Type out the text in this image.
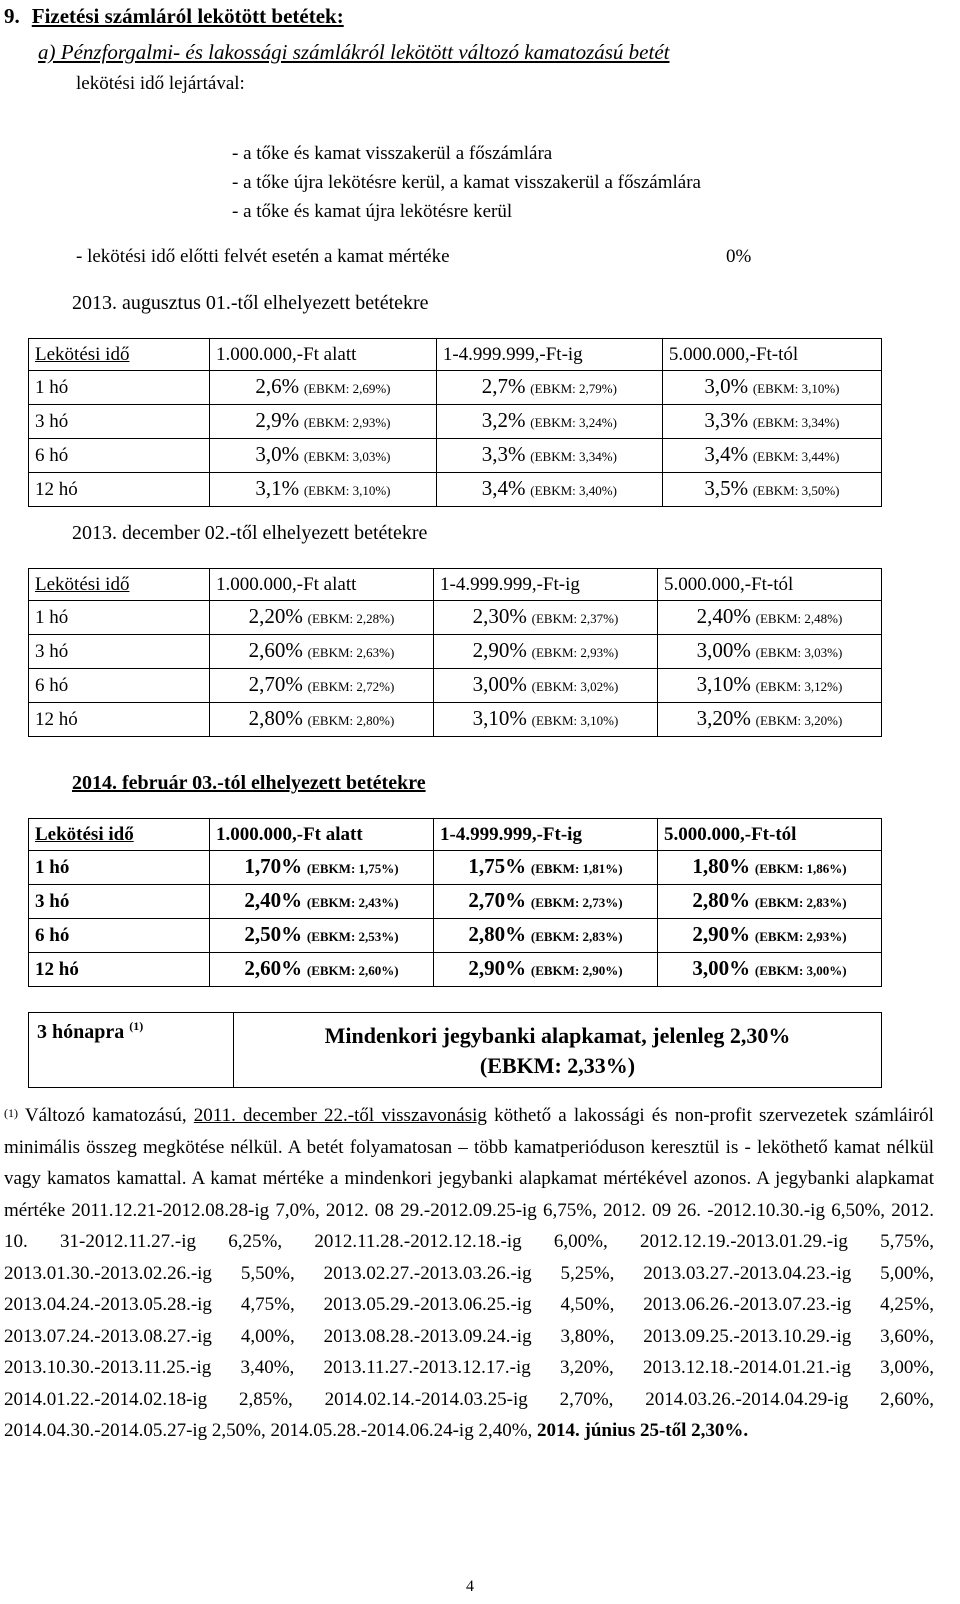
9. Fizetési számláról lekötött betétek:
a) Pénzforgalmi- és lakossági számlákról lekötött változó kamatozású betét
lekötési idő lejártával:
- a tőke és kamat visszakerül a főszámlára
- a tőke újra lekötésre kerül, a kamat visszakerül a főszámlára
- a tőke és kamat újra lekötésre kerül
- lekötési idő előtti felvét esetén a kamat mértéke	0%
2013. augusztus 01.-től elhelyezett betétekre
Lekötési idő	1.000.000,-Ft alatt	1-4.999.999,-Ft-ig	5.000.000,-Ft-tól
1 hó	2,6% (EBKM: 2,69%)	2,7% (EBKM: 2,79%)	3,0% (EBKM: 3,10%)
3 hó	2,9% (EBKM: 2,93%)	3,2% (EBKM: 3,24%)	3,3% (EBKM: 3,34%)
6 hó	3,0% (EBKM: 3,03%)	3,3% (EBKM: 3,34%)	3,4% (EBKM: 3,44%)
12 hó	3,1% (EBKM: 3,10%)	3,4% (EBKM: 3,40%)	3,5% (EBKM: 3,50%)
2013. december 02.-től elhelyezett betétekre
Lekötési idő	1.000.000,-Ft alatt	1-4.999.999,-Ft-ig	5.000.000,-Ft-tól
1 hó	2,20% (EBKM: 2,28%)	2,30% (EBKM: 2,37%)	2,40% (EBKM: 2,48%)
3 hó	2,60% (EBKM: 2,63%)	2,90% (EBKM: 2,93%)	3,00% (EBKM: 3,03%)
6 hó	2,70% (EBKM: 2,72%)	3,00% (EBKM: 3,02%)	3,10% (EBKM: 3,12%)
12 hó	2,80% (EBKM: 2,80%)	3,10% (EBKM: 3,10%)	3,20% (EBKM: 3,20%)
2014. február 03.-tól elhelyezett betétekre
Lekötési idő	1.000.000,-Ft alatt	1-4.999.999,-Ft-ig	5.000.000,-Ft-tól
1 hó	1,70% (EBKM: 1,75%)	1,75% (EBKM: 1,81%)	1,80% (EBKM: 1,86%)
3 hó	2,40% (EBKM: 2,43%)	2,70% (EBKM: 2,73%)	2,80% (EBKM: 2,83%)
6 hó	2,50% (EBKM: 2,53%)	2,80% (EBKM: 2,83%)	2,90% (EBKM: 2,93%)
12 hó	2,60% (EBKM: 2,60%)	2,90% (EBKM: 2,90%)	3,00% (EBKM: 3,00%)
3 hónapra $^{(1)}$	Mindenkori jegybanki alapkamat, jelenleg 2,30%
(EBKM: 2,33%)
$^{(1)}$ Változó kamatozású, 2011. december 22.-től visszavonásig köthető a lakossági és non-profit szervezetek számláiról minimális összeg megkötése nélkül. A betét folyamatosan – több kamatperióduson keresztül is - leköthető kamat nélkül vagy kamatos kamattal. A kamat mértéke a mindenkori jegybanki alapkamat mértékével azonos. A jegybanki alapkamat mértéke 2011.12.21-2012.08.28-ig 7,0%, 2012. 08 29.-2012.09.25-ig 6,75%, 2012. 09 26. -2012.10.30.-ig 6,50%, 2012. 10. 31-2012.11.27.-ig 6,25%, 2012.11.28.-2012.12.18.-ig 6,00%, 2012.12.19.-2013.01.29.-ig 5,75%, 2013.01.30.-2013.02.26.-ig 5,50%, 2013.02.27.-2013.03.26.-ig 5,25%, 2013.03.27.-2013.04.23.-ig 5,00%, 2013.04.24.-2013.05.28.-ig 4,75%, 2013.05.29.-2013.06.25.-ig 4,50%, 2013.06.26.-2013.07.23.-ig 4,25%, 2013.07.24.-2013.08.27.-ig 4,00%, 2013.08.28.-2013.09.24.-ig 3,80%, 2013.09.25.-2013.10.29.-ig 3,60%, 2013.10.30.-2013.11.25.-ig 3,40%, 2013.11.27.-2013.12.17.-ig 3,20%, 2013.12.18.-2014.01.21.-ig 3,00%, 2014.01.22.-2014.02.18-ig 2,85%, 2014.02.14.-2014.03.25-ig 2,70%, 2014.03.26.-2014.04.29-ig 2,60%, 2014.04.30.-2014.05.27-ig 2,50%, 2014.05.28.-2014.06.24-ig 2,40%, 2014. június 25-től 2,30%.
4
